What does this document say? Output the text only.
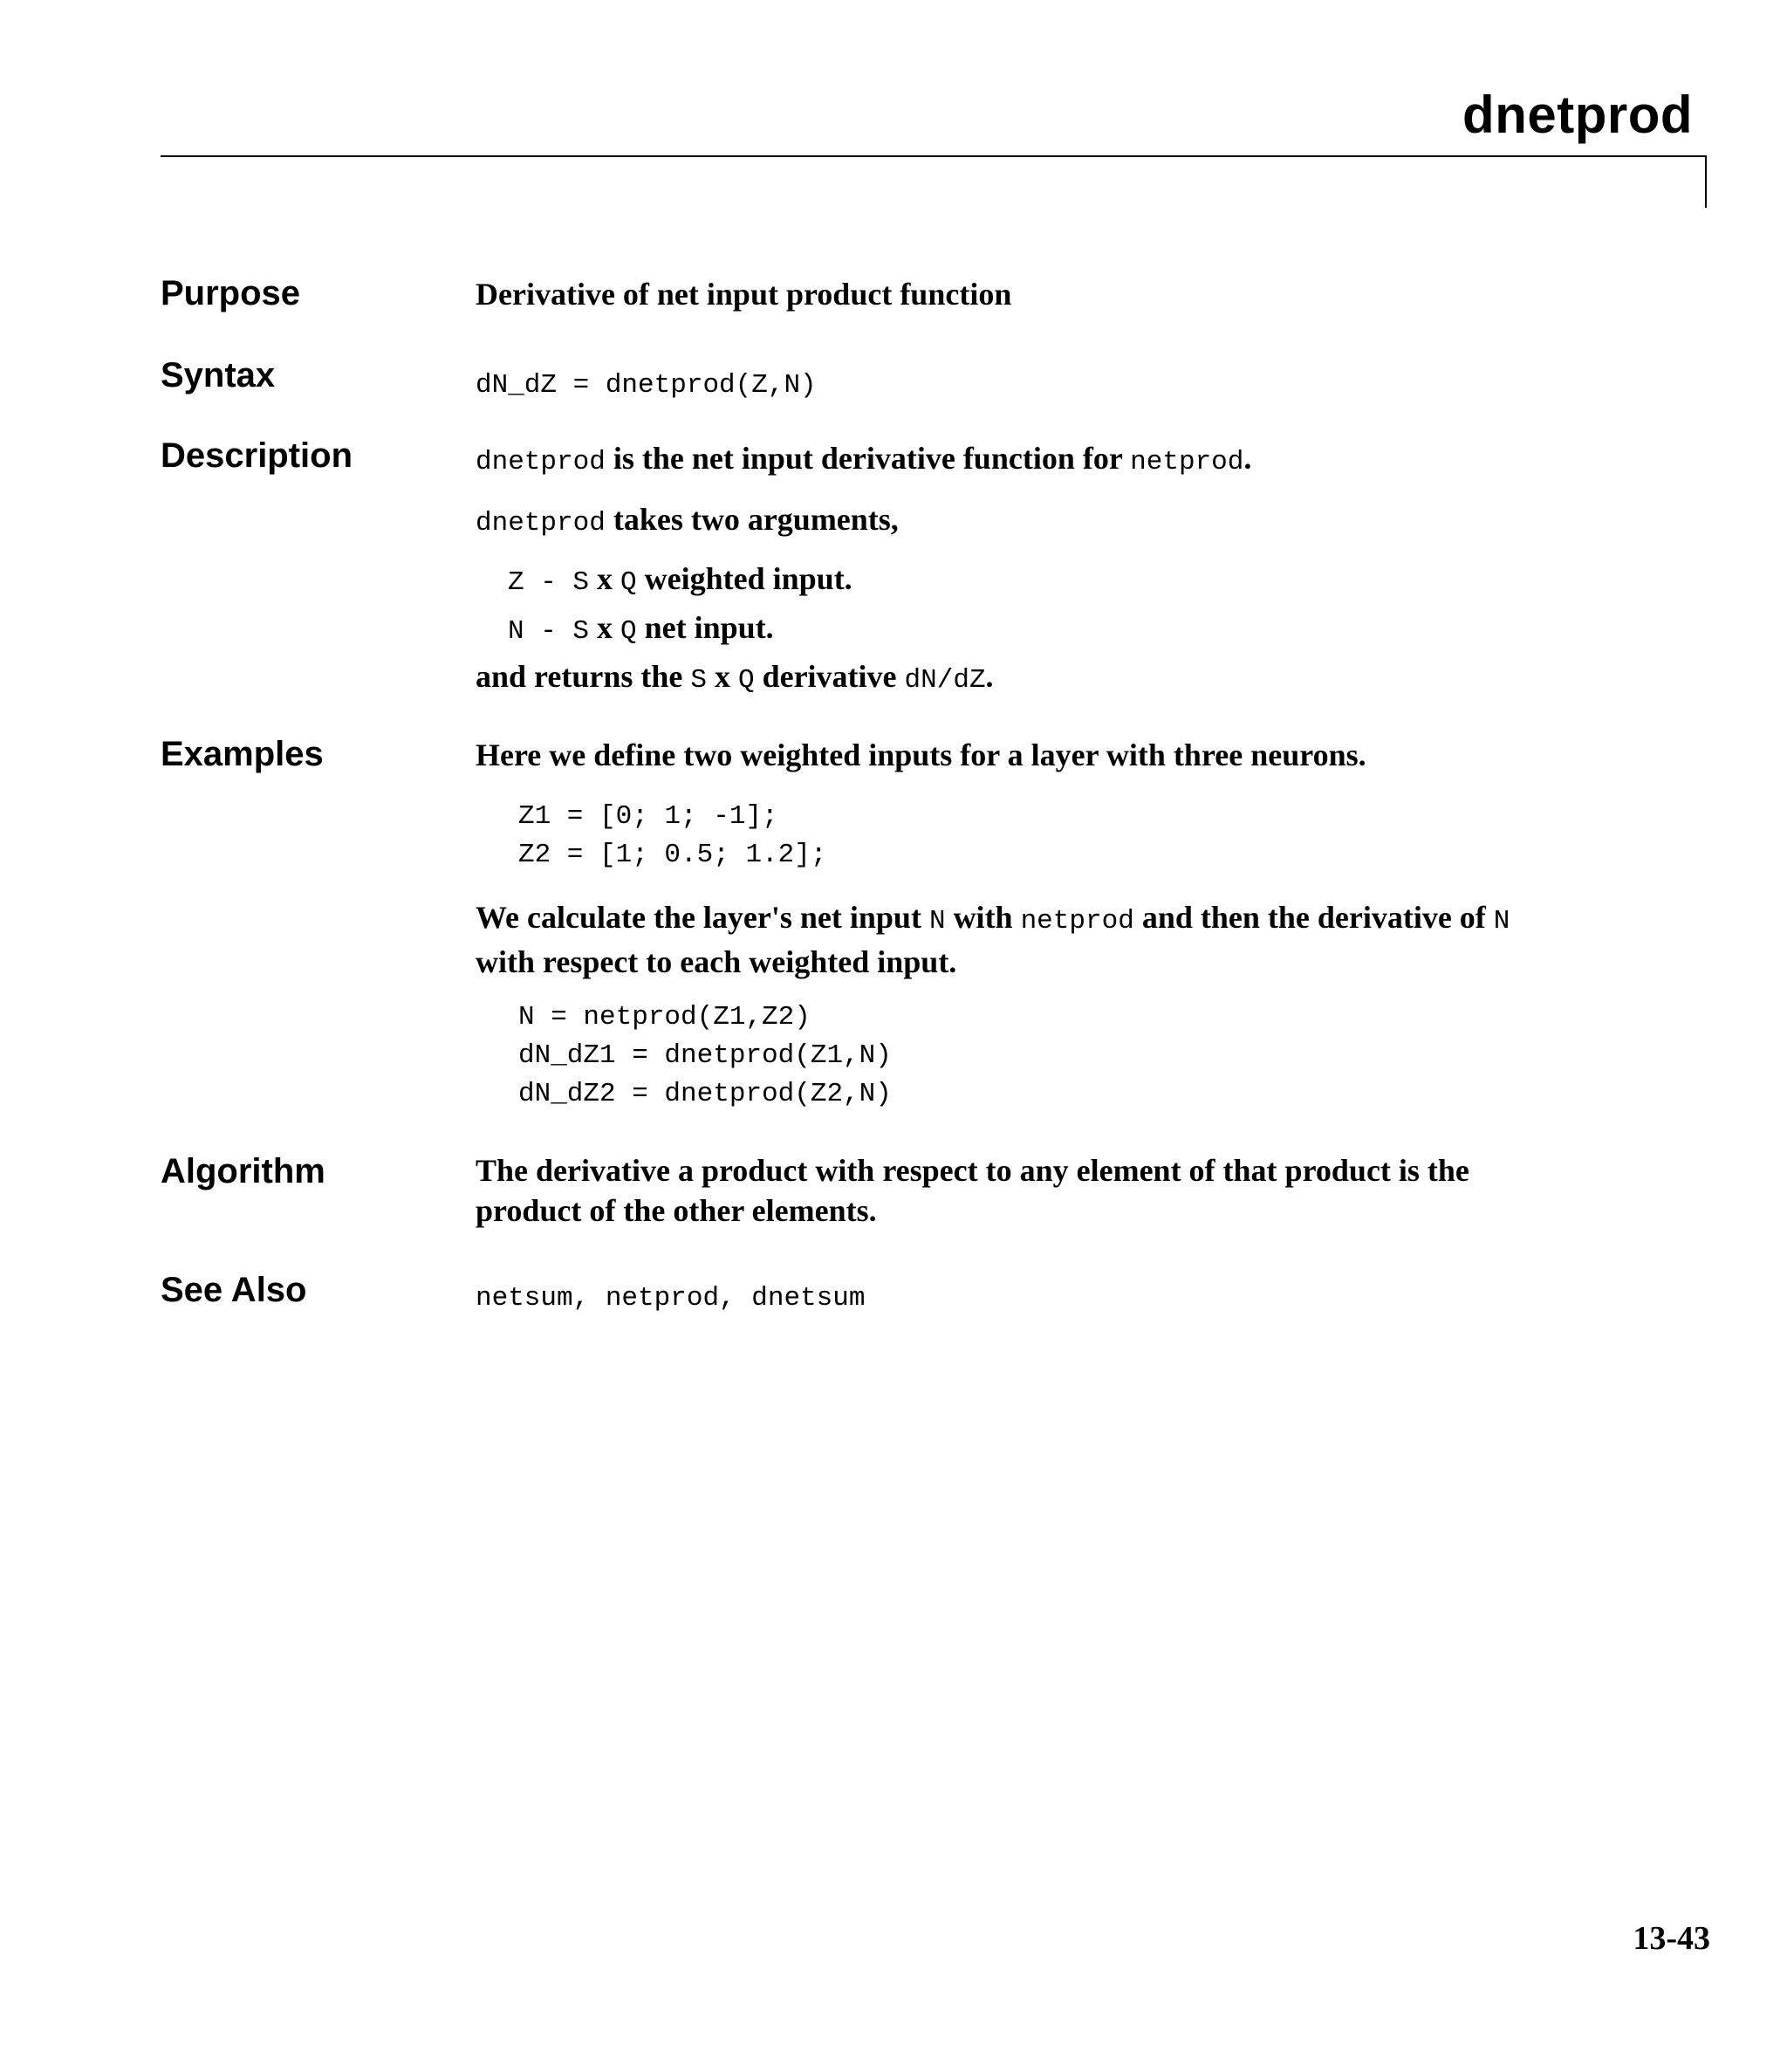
dnetprod
Purpose	Derivative of net input product function
Syntax	dN_dZ = dnetprod(Z,N)
Description	dnetprod is the net input derivative function for netprod.
dnetprod takes two arguments,
Z - S x Q weighted input.
N - S x Q net input.
and returns the S x Q derivative dN/dZ.
Examples	Here we define two weighted inputs for a layer with three neurons.
Z1 = [0; 1; -1];
Z2 = [1; 0.5; 1.2];
We calculate the layer's net input N with netprod and then the derivative of N
with respect to each weighted input.
N = netprod(Z1,Z2)
dN_dZ1 = dnetprod(Z1,N)
dN_dZ2 = dnetprod(Z2,N)
Algorithm	The derivative a product with respect to any element of that product is the
product of the other elements.
See Also	netsum, netprod, dnetsum
13-43
